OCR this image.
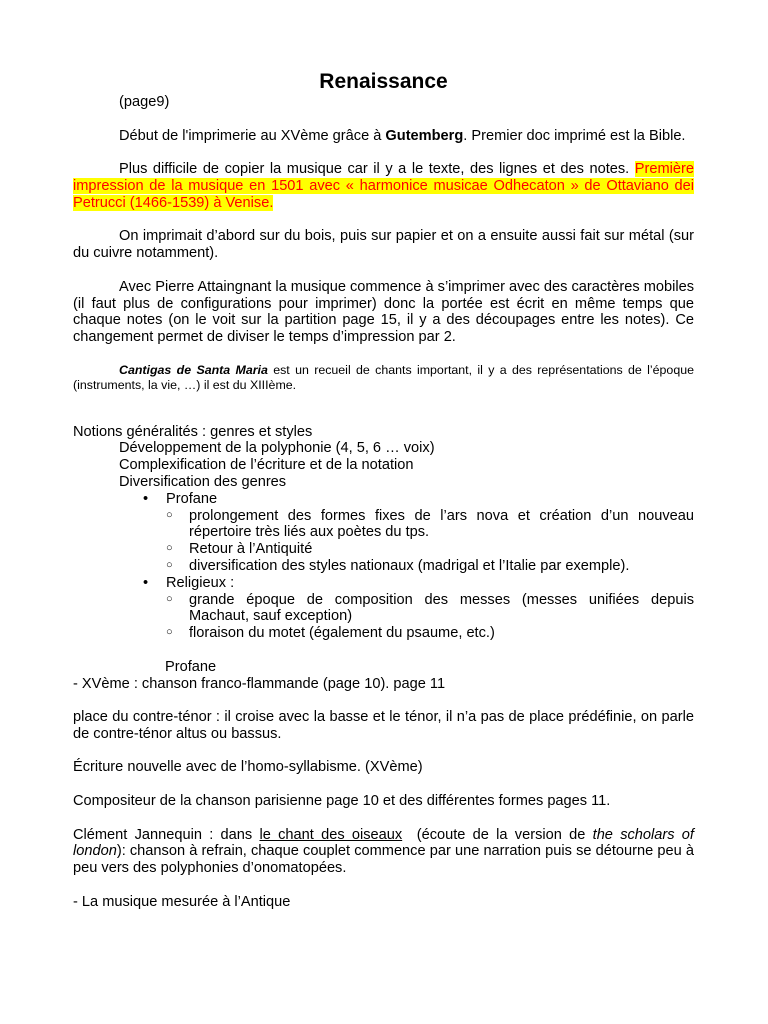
Renaissance

(page9)

Début de l'imprimerie au XVème grâce à Gutemberg. Premier doc imprimé est la Bible.

Plus difficile de copier la musique car il y a le texte, des lignes et des notes. Première impression de la musique en 1501 avec « harmonice musicae Odhecaton » de Ottaviano dei Petrucci (1466-1539) à Venise.

On imprimait d’abord sur du bois, puis sur papier et on a ensuite aussi fait sur métal (sur du cuivre notamment).

Avec Pierre Attaingnant la musique commence à s’imprimer avec des caractères mobiles (il faut plus de configurations pour imprimer) donc la portée est écrit en même temps que chaque notes (on le voit sur la partition page 15, il y a des découpages entre les notes). Ce changement permet de diviser le temps d’impression par 2.

Cantigas de Santa Maria est un recueil de chants important, il y a des représentations de l’époque (instruments, la vie, …) il est du XIIIème.

Notions généralités : genres et styles

Développement de la polyphonie (4, 5, 6 … voix)

Complexification de l’écriture et de la notation

Diversification des genres

• Profane
○ prolongement des formes fixes de l’ars nova et création d’un nouveau répertoire très liés aux poètes du tps.
○ Retour à l’Antiquité
○ diversification des styles nationaux (madrigal et l’Italie par exemple).
• Religieux :
○ grande époque de composition des messes (messes unifiées depuis Machaut, sauf exception)
○ floraison du motet (également du psaume, etc.)

Profane

- XVème : chanson franco-flammande (page 10). page 11

place du contre-ténor : il croise avec la basse et le ténor, il n’a pas de place prédéfinie, on parle de contre-ténor altus ou bassus.

Écriture nouvelle avec de l’homo-syllabisme. (XVème)

Compositeur de la chanson parisienne page 10 et des différentes formes pages 11.

Clément Jannequin : dans le chant des oiseaux  (écoute de la version de the scholars of london): chanson à refrain, chaque couplet commence par une narration puis se détourne peu à peu vers des polyphonies d’onomatopées.

- La musique mesurée à l’Antique
